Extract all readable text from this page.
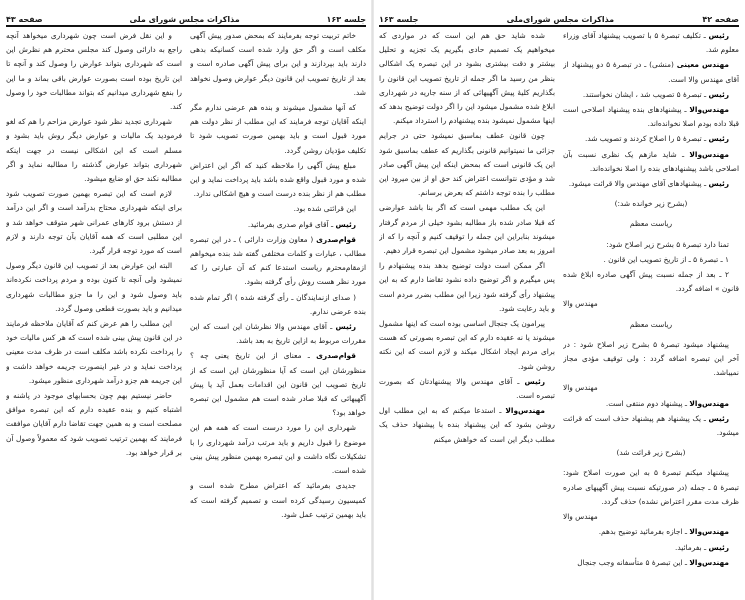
صفحه ۴۳	مذاکرات مجلس شورای ملی	جلسه ۱۶۳

خاتم تربیت توجه بفرمایند که بمحض صدور پیش آگهی مکلف است و اگر حق وارد شده است کسانیکه بدهی دارند باید بپردازند و این برای پیش آگهی صادره است و بعد از تاریخ تصویب این قانون دیگر عوارض وصول نخواهد شد.

که آنها مشمول میشوند و بنده هم عرضی ندارم مگر اینکه آقایان توجه فرمایند که این مطلب از نظر دولت هم مورد قبول است و باید بهمین صورت تصویب شود تا تکلیف مؤدیان روشن گردد.

مبلغ پیش آگهی را ملاحظه کنید که اگر این اعتراض شده و مورد قبول واقع شده باشد باید پرداخت نماید و این مطلب هم از نظر بنده درست است و هیچ اشکالی ندارد.

این قرائتی شده بود.

رئیس ـ آقای قوام صدری بفرمائید.

قوام‌صدری ( معاون وزارت دارائی ) ـ در این تبصره مطالب ، عبارات و کلمات مختلفی گفته شد بنده میخواهم ازمقام‌محترم ریاست استدعا کنم که آن عبارتی را که مورد نظر هست روش رأی گرفته بشود.

( صدای ازنمایندگان ـ رأی گرفته شده ) اگر تمام شده بنده عرضی ندارم.

رئیس ـ آقای مهندس والا نظرشان این است که این مقررات مربوط به ازاین تاریخ به بعد باشد.

قوام‌صدری ـ معنای از این تاریخ یعنی چه ؟ منظورشان این است که آیا منظورشان این است که از تاریخ تصویب این قانون این اقدامات بعمل آید یا پیش آگهیهائی که قبلا صادر شده است هم مشمول این تبصره خواهد بود؟

شهرداری این را مورد درست است که همه هم این موضوع را قبول داریم و باید مرتب درآمد شهرداری را با تشکیلات نگاه داشت و این تبصره بهمین منظور پیش بینی شده است.

جدیدی بفرمائید که اعتراض مطرح شده است و کمیسیون رسیدگی کرده است و تصمیم گرفته است که باید بهمین ترتیب عمل شود.

و این نقل فرض است چون شهرداری میخواهد آنچه راجع به دارائی وصول کند مجلس محترم هم نظرش این است که شهرداری بتواند عوارض را وصول کند و آنچه تا این تاریخ بوده است بصورت عوارض باقی بماند و ما این را بنفع شهرداری میدانیم که بتواند مطالبات خود را وصول کند.

شهرداری تجدید نظر شود عوارض مزاحم را هم که لغو فرمودید یک مالیات و عوارض دیگر روش باید بشود و مسلم است که این اشکالی نیست در جهت اینکه شهرداری بتواند عوارض گذشته را مطالبه نماید و اگر مطالبه نکند حق او ضایع میشود.

لازم است که این تبصره بهمین صورت تصویب شود برای اینکه شهرداری محتاج بدرآمد است و اگر این درآمد از دستش برود کارهای عمرانی شهر متوقف خواهد شد و این مطلبی است که همه آقایان بآن توجه دارند و لازم است که مورد توجه قرار گیرد.

البته این عوارض بعد از تصویب این قانون دیگر وصول نمیشود ولی آنچه تا کنون بوده و مردم پرداخت نکرده‌اند باید وصول شود و این را ما جزو مطالبات شهرداری میدانیم و باید بصورت قطعی وصول گردد.

این مطلب را هم عرض کنم که آقایان ملاحظه فرمایند در این قانون پیش بینی شده است که هر کس مالیات خود را پرداخت نکرده باشد مکلف است در ظرف مدت معینی پرداخت نماید و در غیر اینصورت جریمه خواهد داشت و این جریمه هم جزو درآمد شهرداری منظور میشود.

حاضر نیستیم بهم چون بحسابهای موجود در پاشنه و اشتباه کنیم و بنده عقیده دارم که این تبصره موافق مصلحت است و به همین جهت تقاضا دارم آقایان موافقت فرمایند که بهمین ترتیب تصویب شود که معمولاً وصول آن بر قرار خواهد بود.

جلسه ۱۶۳	مذاکرات مجلس شورای‌ملی	صفحه ۴۲

رئیس ـ تکلیف تبصرهٔ ۵ با تصویب پیشنهاد آقای وزراء معلوم شد.

مهندس معینی (منشی) ـ در تبصرهٔ ۵ دو پیشنهاد از آقای مهندس والا است.

رئیس ـ تبصرهٔ ۵ تصویب شد ، ایشان نخواستند.

مهندس‌والا ـ پیشنهادهای بنده پیشنهاد اصلاحی است قبلا داده بودم اصلا نخوانده‌اند.

رئیس ـ تبصرهٔ ۵ را اصلاح کردند و تصویب شد.

مهندس‌والا ـ شاید مازهم یک نظری نسبت بآن اصلاحی باشد پیشنهادهای بنده را اصلا نخوانده‌اند.

رئیس ـ پیشنهادهای آقای مهندس والا قرائت میشود.

(بشرح زیر خوانده شد:)

ریاست معظم

تمنا دارد تبصرهٔ ۵ بشرح زیر اصلاح شود:

۱ ـ تبصرهٔ ۵ ـ از تاریخ تصویب این قانون .

۲ ـ بعد از جمله نسبت پیش آگهی صادره ابلاغ شده قانون » اضافه گردد.

مهندس والا

ریاست معظم

پیشنهاد میشود تبصرهٔ ۵ بشرح زیر اصلاح شود : در آخر این تبصره اضافه گردد : ولی توقیف مؤدی مجاز نمیباشد.

مهندس والا

مهندس‌والا ـ پیشنهاد دوم منتفی است.

رئیس ـ یک پیشنهاد هم پیشنهاد حذف است که قرائت میشود.

(بشرح زیر قرائت شد)

پیشنهاد میکنم تبصرهٔ ۵ به این صورت اصلاح شود: تبصرهٔ ۵ ـ جمله (در صورتیکه نسبت پیش آگهیهای صادره ظرف مدت مقرر اعتراض نشده) حذف گردد.

مهندس والا

مهندس‌والا ـ اجازه بفرمائید توضیح بدهم.

رئیس ـ بفرمائید.

مهندس‌والا ـ این تبصرهٔ ۵ متأسفانه وجب جنجال

شده شاید حق هم این است که در مواردی که میخواهیم یک تصمیم حادی بگیریم یک تجزیه و تحلیل بیشتر و دقت بیشتری بشود در این تبصره یک اشکالی بنظر من رسید ما اگر جمله از تاریخ تصویب این قانون را بگذاریم کلیهٔ پیش آگهیهائی که از سنه جاریه در شهرداری ابلاغ شده مشمول میشود این را اگر دولت توضیح بدهد که اینها مشمول نمیشود بنده پیشنهادم را استرداد میکنم.

چون قانون عطف بماسبق نمیشود حتی در جرایم جزائی ما نمیتوانیم قانونی بگذاریم که عطف بماسبق شود این یک قانونی است که بمحض اینکه این پیش آگهی صادر شد و مؤدی نتوانست اعتراض کند حق او از بین میرود این مطلب را بنده توجه داشتم که بعرض برسانم.

این یک مطلب مهمی است که اگر بنا باشد عوارضی که قبلا صادر شده باز مطالبه بشود خیلی از مردم گرفتار میشوند بنابراین این جمله را توقیف کنیم و آنچه را که از امروز به بعد صادر میشود مشمول این تبصره قرار دهیم.

اگر ممکن است دولت توضیح بدهد بنده پیشنهادم را پس میگیرم و اگر توضیح داده نشود تقاضا دارم که به این پیشنهاد رأی گرفته شود زیرا این مطلب بضرر مردم است و باید رعایت شود.

پیرامون یک جنجال اساسی بوده است که اینها مشمول میشوند یا نه عقیده دارم که این تبصره بصورتی که هست برای مردم ایجاد اشکال میکند و لازم است که این نکته روشن شود.

رئیس ـ آقای مهندس والا پیشنهادتان که بصورت تبصره است.

مهندس‌والا ـ استدعا میکنم که به این مطلب اول روشن بشود که این پیشنهاد بنده با پیشنهاد حذف یک مطلب دیگر این است که خواهش میکنم
